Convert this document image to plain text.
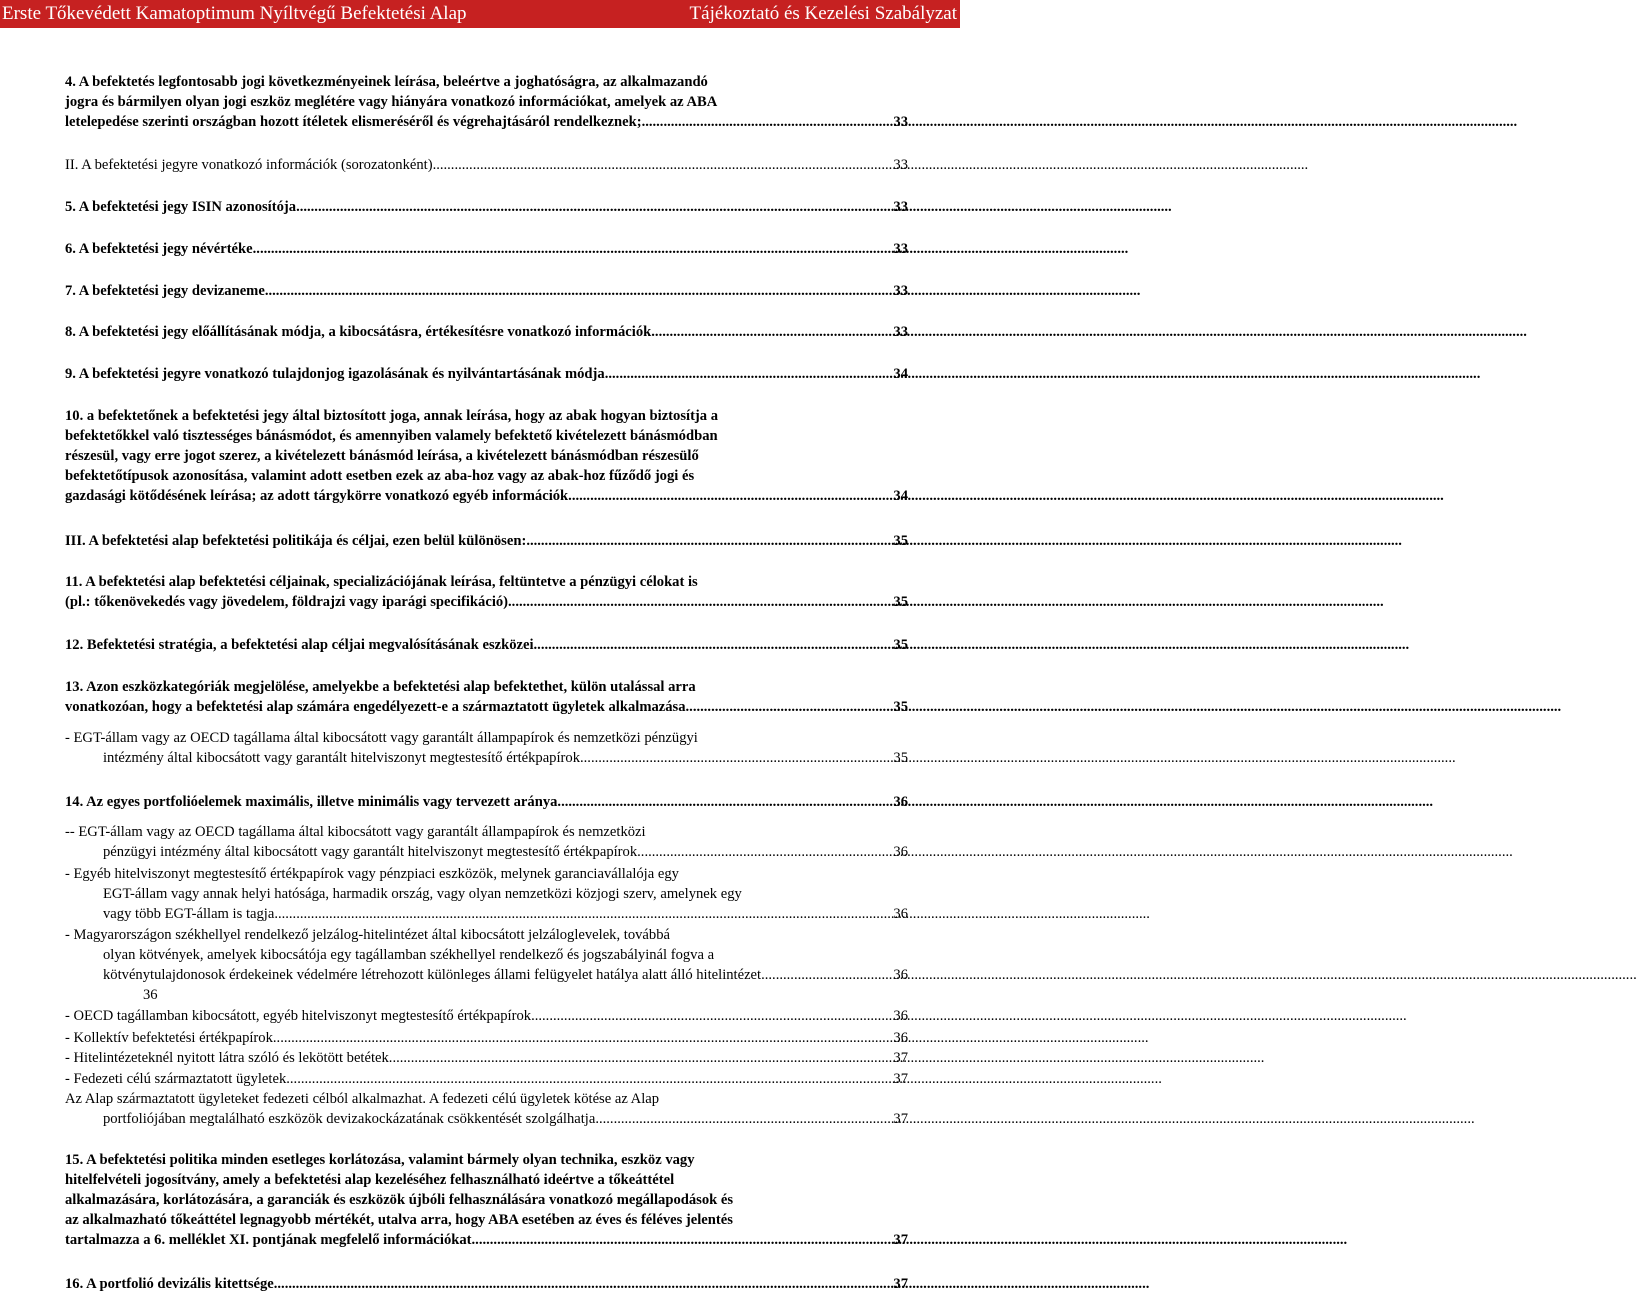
Erste Tőkevédett Kamatoptimum Nyíltvégű Befektetési Alap	Tájékoztató és Kezelési Szabályzat
4. A befektetés legfontosabb jogi következményeinek leírása, beleértve a joghatóságra, az alkalmazandó
jogra és bármilyen olyan jogi eszköz meglétére vagy hiányára vonatkozó információkat, amelyek az ABA
letelepedése szerinti országban hozott ítéletek elismeréséről és végrehajtásáról rendelkeznek; .....	33
II. A befektetési jegyre vonatkozó információk (sorozatonként) .....	33
5. A befektetési jegy ISIN azonosítója .....	33
6. A befektetési jegy névértéke .....	33
7. A befektetési jegy devizaneme .....	33
8. A befektetési jegy előállításának módja, a kibocsátásra, értékesítésre vonatkozó információk .....	33
9. A befektetési jegyre vonatkozó tulajdonjog igazolásának és nyilvántartásának módja .....	34
10. a befektetőnek a befektetési jegy által biztosított joga, annak leírása, hogy az abak hogyan biztosítja a
befektetőkkel való tisztességes bánásmódot, és amennyiben valamely befektető kivételezett bánásmódban
részesül, vagy erre jogot szerez, a kivételezett bánásmód leírása, a kivételezett bánásmódban részesülő
befektetőtípusok azonosítása, valamint adott esetben ezek az aba-hoz vagy az abak-hoz fűződő jogi és
gazdasági kötődésének leírása; az adott tárgykörre vonatkozó egyéb információk .....	34
III. A befektetési alap befektetési politikája és céljai, ezen belül különösen: .....	35
11. A befektetési alap befektetési céljainak, specializációjának leírása, feltüntetve a pénzügyi célokat is
(pl.: tőkenövekedés vagy jövedelem, földrajzi vagy iparági specifikáció) .....	35
12. Befektetési stratégia, a befektetési alap céljai megvalósításának eszközei .....	35
13. Azon eszközkategóriák megjelölése, amelyekbe a befektetési alap befektethet, külön utalással arra
vonatkozóan, hogy a befektetési alap számára engedélyezett-e a származtatott ügyletek alkalmazása .....	35
- EGT-állam vagy az OECD tagállama által kibocsátott vagy garantált állampapírok és nemzetközi pénzügyi
intézmény által kibocsátott vagy garantált hitelviszonyt megtestesítő értékpapírok .....	35
14. Az egyes portfolióelemek maximális, illetve minimális vagy tervezett aránya .....	36
-- EGT-állam vagy az OECD tagállama által kibocsátott vagy garantált állampapírok és nemzetközi
pénzügyi intézmény által kibocsátott vagy garantált hitelviszonyt megtestesítő értékpapírok .....	36
- Egyéb hitelviszonyt megtestesítő értékpapírok vagy pénzpiaci eszközök, melynek garanciavállalója egy
EGT-állam vagy annak helyi hatósága, harmadik ország, vagy olyan nemzetközi közjogi szerv, amelynek egy
vagy több EGT-állam is tagja .....	36
- Magyarországon székhellyel rendelkező jelzálog-hitelintézet által kibocsátott jelzáloglevelek, továbbá
olyan kötvények, amelyek kibocsátója egy tagállamban székhellyel rendelkező és jogszabályinál fogva a
kötvénytulajdonosok érdekeinek védelmére létrehozott különleges állami felügyelet hatálya alatt álló hitelintézet .....	36
- OECD tagállamban kibocsátott, egyéb hitelviszonyt megtestesítő értékpapírok .....	36
- Kollektív befektetési értékpapírok .....	36
- Hitelintézeteknél nyitott látra szóló és lekötött betétek .....	37
- Fedezeti célú származtatott ügyletek .....	37
Az Alap származtatott ügyleteket fedezeti célból alkalmazhat. A fedezeti célú ügyletek kötése az Alap
portfoliójában megtalálható eszközök devizakockázatának csökkentését szolgálhatja. .....	37
15. A befektetési politika minden esetleges korlátozása, valamint bármely olyan technika, eszköz vagy
hitelfelvételi jogosítvány, amely a befektetési alap kezeléséhez felhasználható ideértve a tőkeáttétel
alkalmazására, korlátozására, a garanciák és eszközök újbóli felhasználására vonatkozó megállapodások és
az alkalmazható tőkeáttétel legnagyobb mértékét, utalva arra, hogy ABA esetében az éves és féléves jelentés
tartalmazza a 6. melléklet XI. pontjának megfelelő információkat .....	37
16. A portfolió devizális kitettsége .....	37
36
